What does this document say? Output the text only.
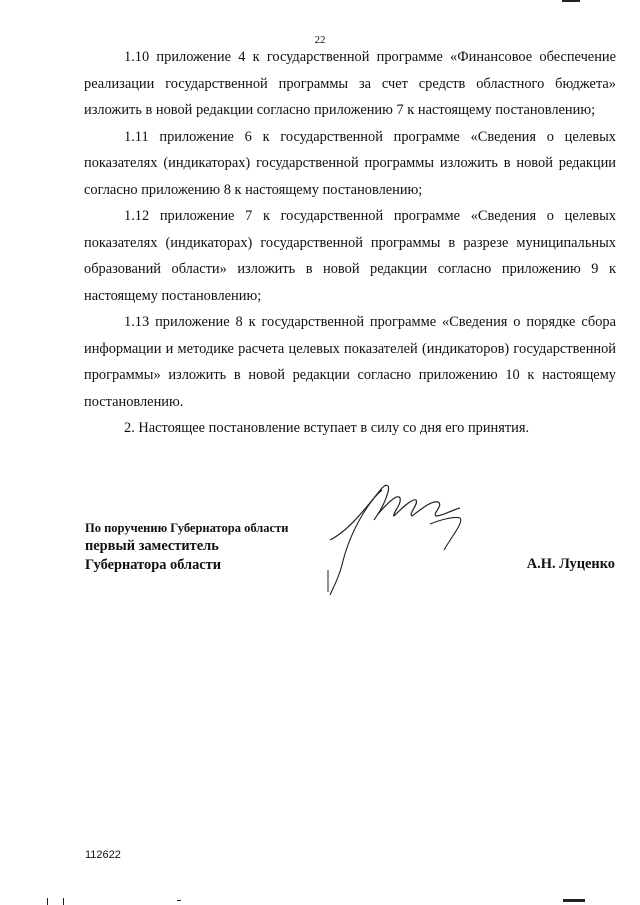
22

1.10 приложение 4 к государственной программе «Финансовое обеспечение реализации государственной программы за счет средств областного бюджета» изложить в новой редакции согласно приложению 7 к настоящему постановлению;

1.11 приложение 6 к государственной программе «Сведения о целевых показателях (индикаторах) государственной программы изложить в новой редакции согласно приложению 8 к настоящему постановлению;

1.12 приложение 7 к государственной программе «Сведения о целевых показателях (индикаторах) государственной программы в разрезе муниципальных образований области» изложить в новой редакции согласно приложению 9 к настоящему постановлению;

1.13 приложение 8 к государственной программе «Сведения о порядке сбора информации и методике расчета целевых показателей (индикаторов) государственной программы» изложить в новой редакции согласно приложению 10 к настоящему постановлению.

2. Настоящее постановление вступает в силу со дня его принятия.

По поручению Губернатора области
первый заместитель
Губернатора области	А.Н. Луценко
112622
